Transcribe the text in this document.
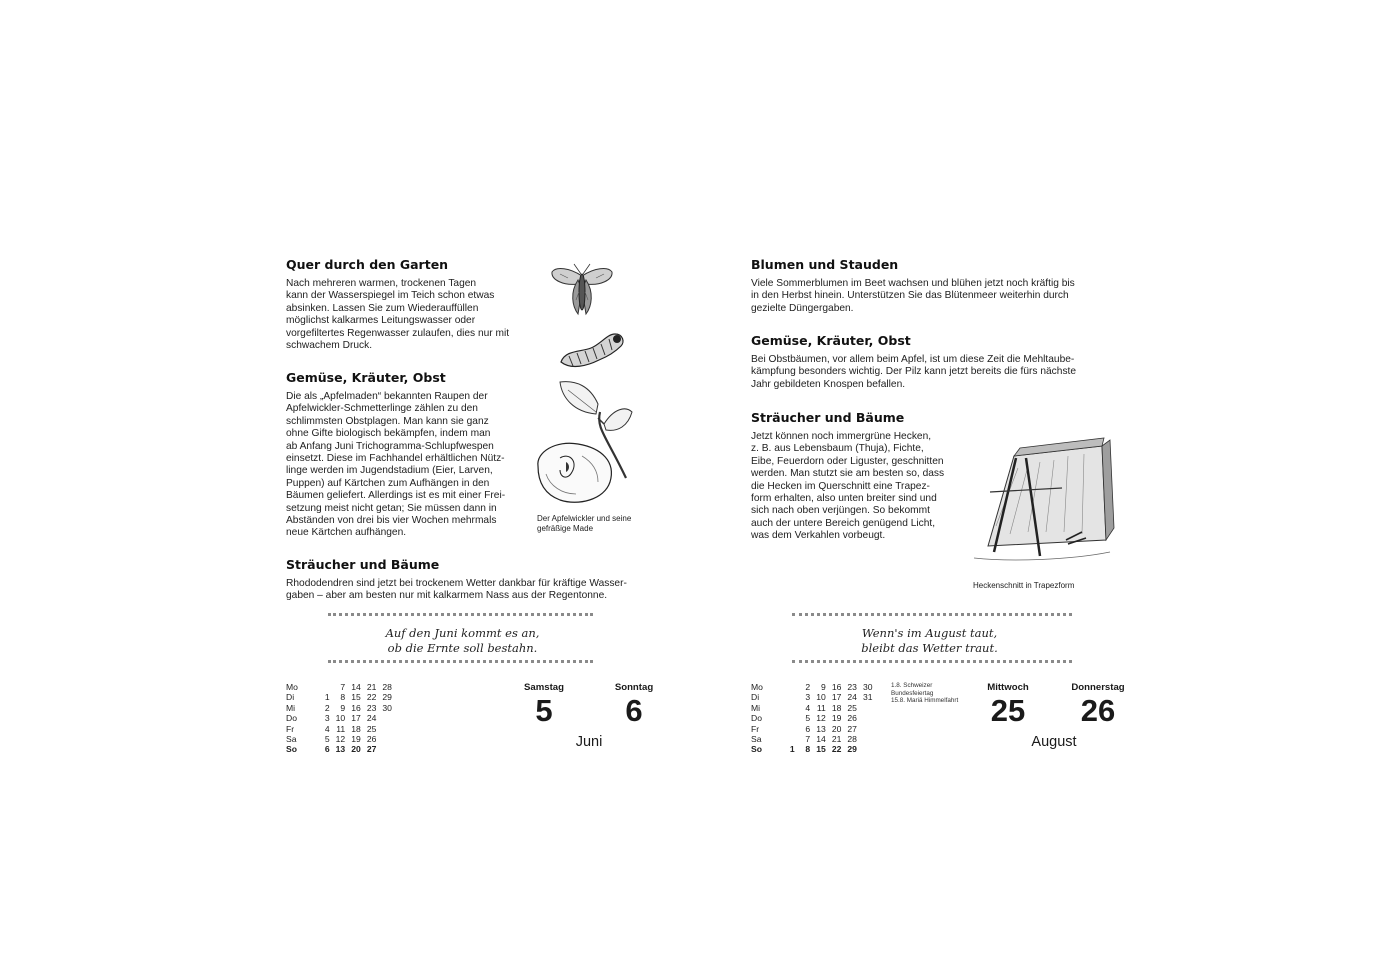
Quer durch den Garten

Nach mehreren warmen, trockenen Tagen
kann der Wasserspiegel im Teich schon etwas
absinken. Lassen Sie zum Wiederauffüllen
möglichst kalkarmes Leitungswasser oder
vorgefiltertes Regenwasser zulaufen, dies nur mit
schwachem Druck.

Gemüse, Kräuter, Obst

Die als „Apfelmaden“ bekannten Raupen der
Apfelwickler-Schmetterlinge zählen zu den
schlimmsten Obstplagen. Man kann sie ganz
ohne Gifte biologisch bekämpfen, indem man
ab Anfang Juni Trichogramma-Schlupfwespen
einsetzt. Diese im Fachhandel erhältlichen Nütz-
linge werden im Jugendstadium (Eier, Larven,
Puppen) auf Kärtchen zum Aufhängen in den
Bäumen geliefert. Allerdings ist es mit einer Frei-
setzung meist nicht getan; Sie müssen dann in
Abständen von drei bis vier Wochen mehrmals
neue Kärtchen aufhängen.

Sträucher und Bäume

Rhododendren sind jetzt bei trockenem Wetter dankbar für kräftige Wasser-
gaben – aber am besten nur mit kalkarmem Nass aus der Regentonne.

Der Apfelwickler und seine
gefräßige Made
Auf den Juni kommt es an,
ob die Ernte soll bestahn.
Mo		7	14	21	28
Di	1	8	15	22	29
Mi	2	9	16	23	30
Do	3	10	17	24	
Fr	4	11	18	25	
Sa	5	12	19	26	
So	6	13	20	27	
Samstag
5
Sonntag
6
Juni
Blumen und Stauden

Viele Sommerblumen im Beet wachsen und blühen jetzt noch kräftig bis
in den Herbst hinein. Unterstützen Sie das Blütenmeer weiterhin durch
gezielte Düngergaben.

Gemüse, Kräuter, Obst

Bei Obstbäumen, vor allem beim Apfel, ist um diese Zeit die Mehltaube-
kämpfung besonders wichtig. Der Pilz kann jetzt bereits die fürs nächste
Jahr gebildeten Knospen befallen.

Sträucher und Bäume

Jetzt können noch immergrüne Hecken,
z. B. aus Lebensbaum (Thuja), Fichte,
Eibe, Feuerdorn oder Liguster, geschnitten
werden. Man stutzt sie am besten so, dass
die Hecken im Querschnitt eine Trapez-
form erhalten, also unten breiter sind und
sich nach oben verjüngen. So bekommt
auch der untere Bereich genügend Licht,
was dem Verkahlen vorbeugt.

Heckenschnitt in Trapezform
Wenn's im August taut,
bleibt das Wetter traut.
Mo		2	9	16	23	30
Di		3	10	17	24	31
Mi		4	11	18	25	
Do		5	12	19	26	
Fr		6	13	20	27	
Sa		7	14	21	28	
So	1	8	15	22	29	
1.8. Schweizer
Bundesfeiertag
15.8. Mariä Himmelfahrt
Mittwoch
25
Donnerstag
26
August
